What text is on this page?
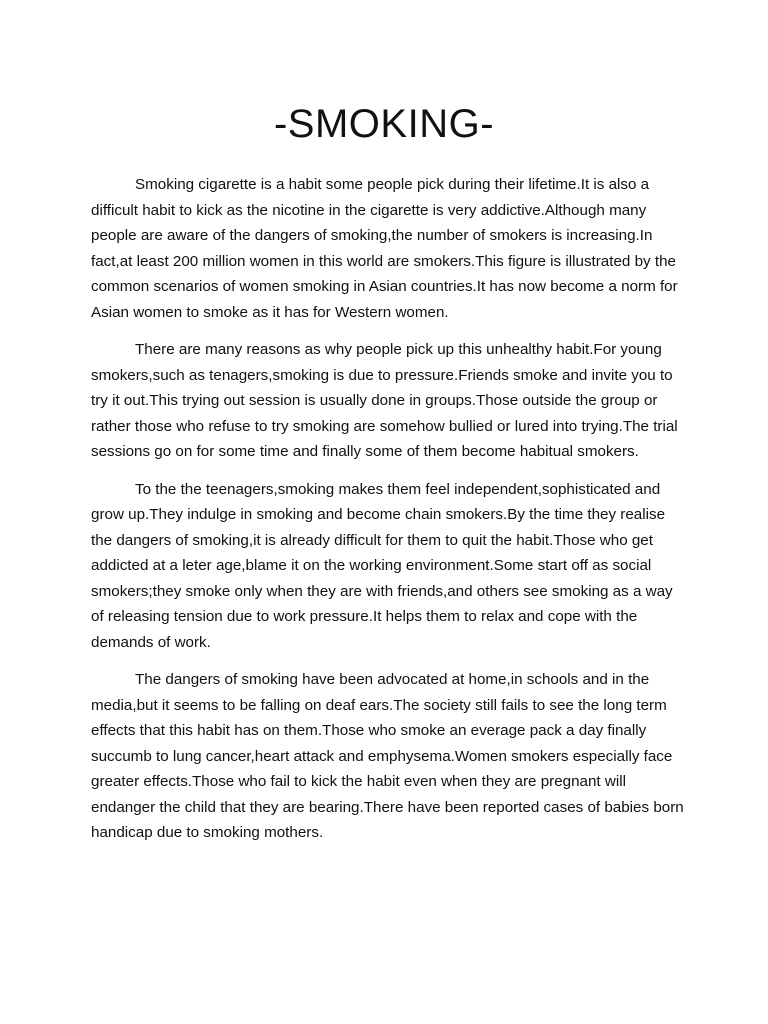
-SMOKING-

Smoking cigarette is a habit some people pick during their lifetime.It is also a difficult habit to kick as the nicotine in the cigarette is very addictive.Although many people are aware of the dangers of smoking,the number of smokers is increasing.In fact,at least 200 million women in this world are smokers.This figure is illustrated by the common scenarios of women smoking in Asian countries.It has now become a norm for Asian women to smoke as it has for Western women.

There are many reasons as why people pick up this unhealthy habit.For young smokers,such as tenagers,smoking is due to pressure.Friends smoke and invite you to try it out.This trying out session is usually done in groups.Those outside the group or rather those who refuse to try smoking are somehow bullied or lured into trying.The trial sessions go on for some time and finally some of them become habitual smokers.

To the the teenagers,smoking makes them feel independent,sophisticated and grow up.They indulge in smoking and become chain smokers.By the time they realise the dangers of smoking,it is already difficult for them to quit the habit.Those who get addicted at a leter age,blame it on the working environment.Some start off as social smokers;they smoke only when they are with friends,and others see smoking as a way of releasing tension due to work pressure.It helps them to relax and cope with the demands of work.

The dangers of smoking have been advocated at home,in schools and in the media,but it seems to be falling on deaf ears.The society still fails to see the long term effects that this habit has on them.Those who smoke an everage pack a day finally succumb to lung cancer,heart attack and emphysema.Women smokers especially face greater effects.Those who fail to kick the habit even when they are pregnant will endanger the child that they are bearing.There have been reported cases of babies born handicap due to smoking mothers.
